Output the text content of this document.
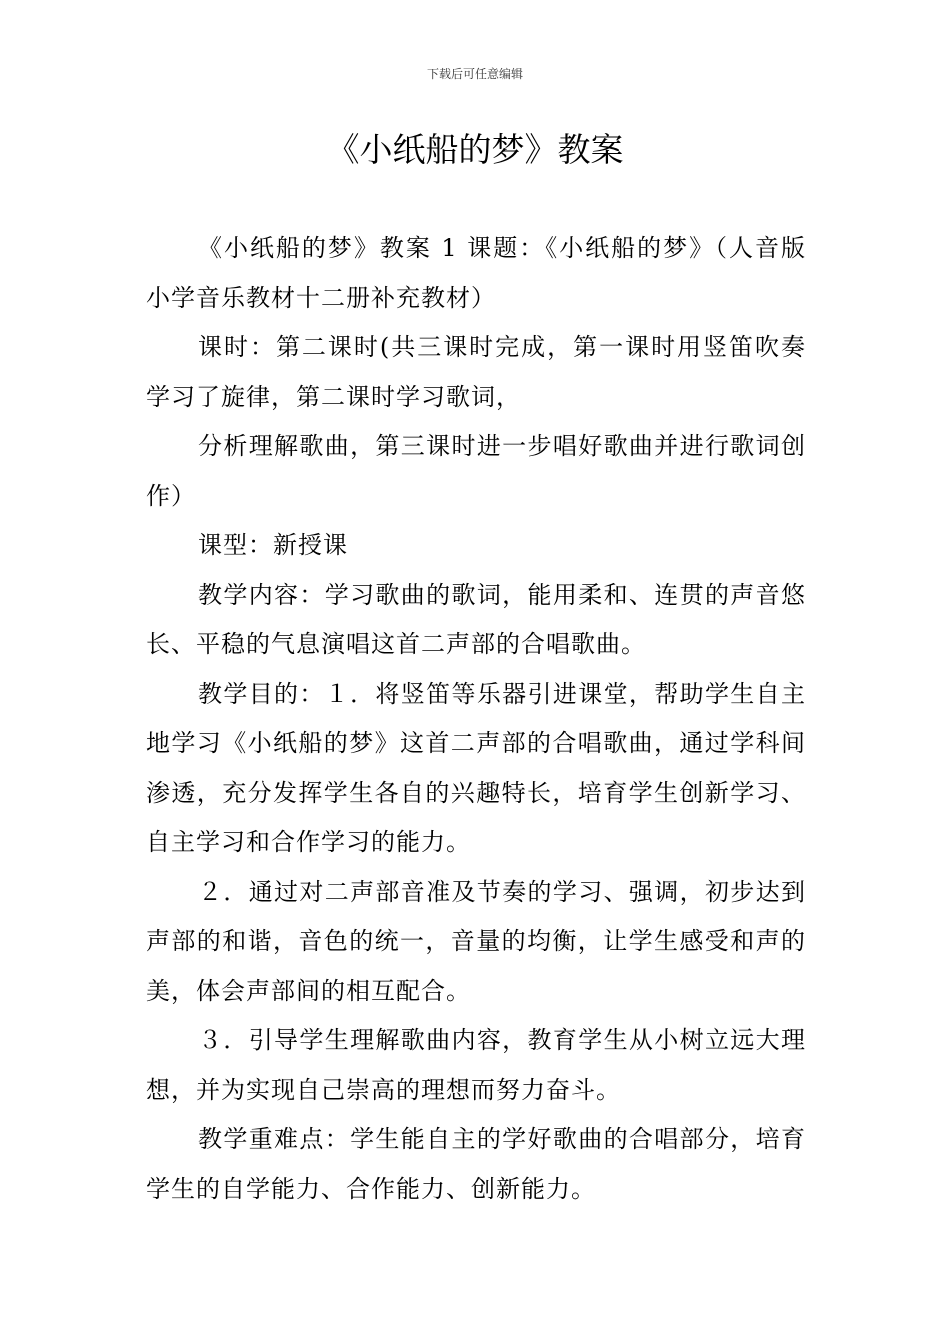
下载后可任意编辑
《小纸船的梦》教案

《小纸船的梦》教案 1 课题：《小纸船的梦》（人音版小学音乐教材十二册补充教材）

课时：第二课时(共三课时完成，第一课时用竖笛吹奏学习了旋律，第二课时学习歌词，

分析理解歌曲，第三课时进一步唱好歌曲并进行歌词创作）

课型：新授课

教学内容：学习歌曲的歌词，能用柔和、连贯的声音悠长、平稳的气息演唱这首二声部的合唱歌曲。

教学目的：１．将竖笛等乐器引进课堂，帮助学生自主地学习《小纸船的梦》这首二声部的合唱歌曲，通过学科间渗透，充分发挥学生各自的兴趣特长，培育学生创新学习、自主学习和合作学习的能力。

２．通过对二声部音准及节奏的学习、强调，初步达到声部的和谐，音色的统一，音量的均衡，让学生感受和声的美，体会声部间的相互配合。

３．引导学生理解歌曲内容，教育学生从小树立远大理想，并为实现自己崇高的理想而努力奋斗。

教学重难点：学生能自主的学好歌曲的合唱部分，培育学生的自学能力、合作能力、创新能力。
